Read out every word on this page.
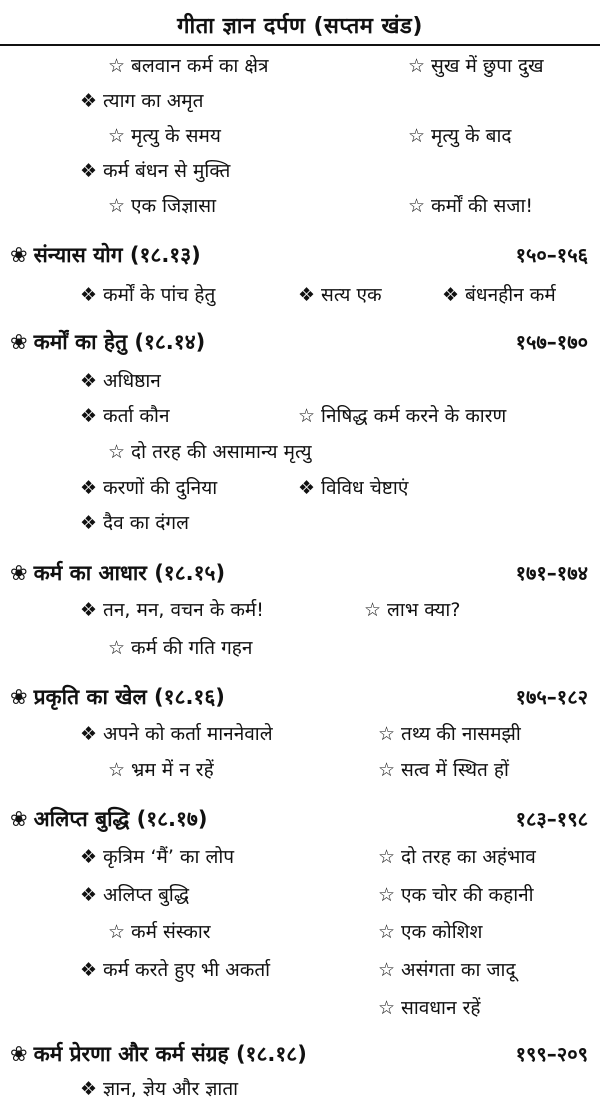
गीता ज्ञान दर्पण (सप्तम खंड)
☆ बलवान कर्म का क्षेत्र	☆ सुख में छुपा दुख
❖ त्याग का अमृत
☆ मृत्यु के समय	☆ मृत्यु के बाद
❖ कर्म बंधन से मुक्ति
☆ एक जिज्ञासा	☆ कर्मों की सजा!
❀ संन्यास योग (१८.१३)	१५०–१५६
❖ कर्मों के पांच हेतु	❖ सत्य एक	❖ बंधनहीन कर्म
❀ कर्मों का हेतु (१८.१४)	१५७–१७०
❖ अधिष्ठान
❖ कर्ता कौन	☆ निषिद्ध कर्म करने के कारण
☆ दो तरह की असामान्य मृत्यु
❖ करणों की दुनिया	❖ विविध चेष्टाएं
❖ दैव का दंगल
❀ कर्म का आधार (१८.१५)	१७१–१७४
❖ तन, मन, वचन के कर्म!	☆ लाभ क्या?
☆ कर्म की गति गहन
❀ प्रकृति का खेल (१८.१६)	१७५–१८२
❖ अपने को कर्ता माननेवाले	☆ तथ्य की नासमझी
☆ भ्रम में न रहें	☆ सत्व में स्थित हों
❀ अलिप्त बुद्धि (१८.१७)	१८३–१९८
❖ कृत्रिम ‘मैं’ का लोप	☆ दो तरह का अहंभाव
❖ अलिप्त बुद्धि	☆ एक चोर की कहानी
☆ कर्म संस्कार	☆ एक कोशिश
❖ कर्म करते हुए भी अकर्ता	☆ असंगता का जादू
☆ सावधान रहें
❀ कर्म प्रेरणा और कर्म संग्रह (१८.१८)	१९९–२०९
❖ ज्ञान, ज्ञेय और ज्ञाता
